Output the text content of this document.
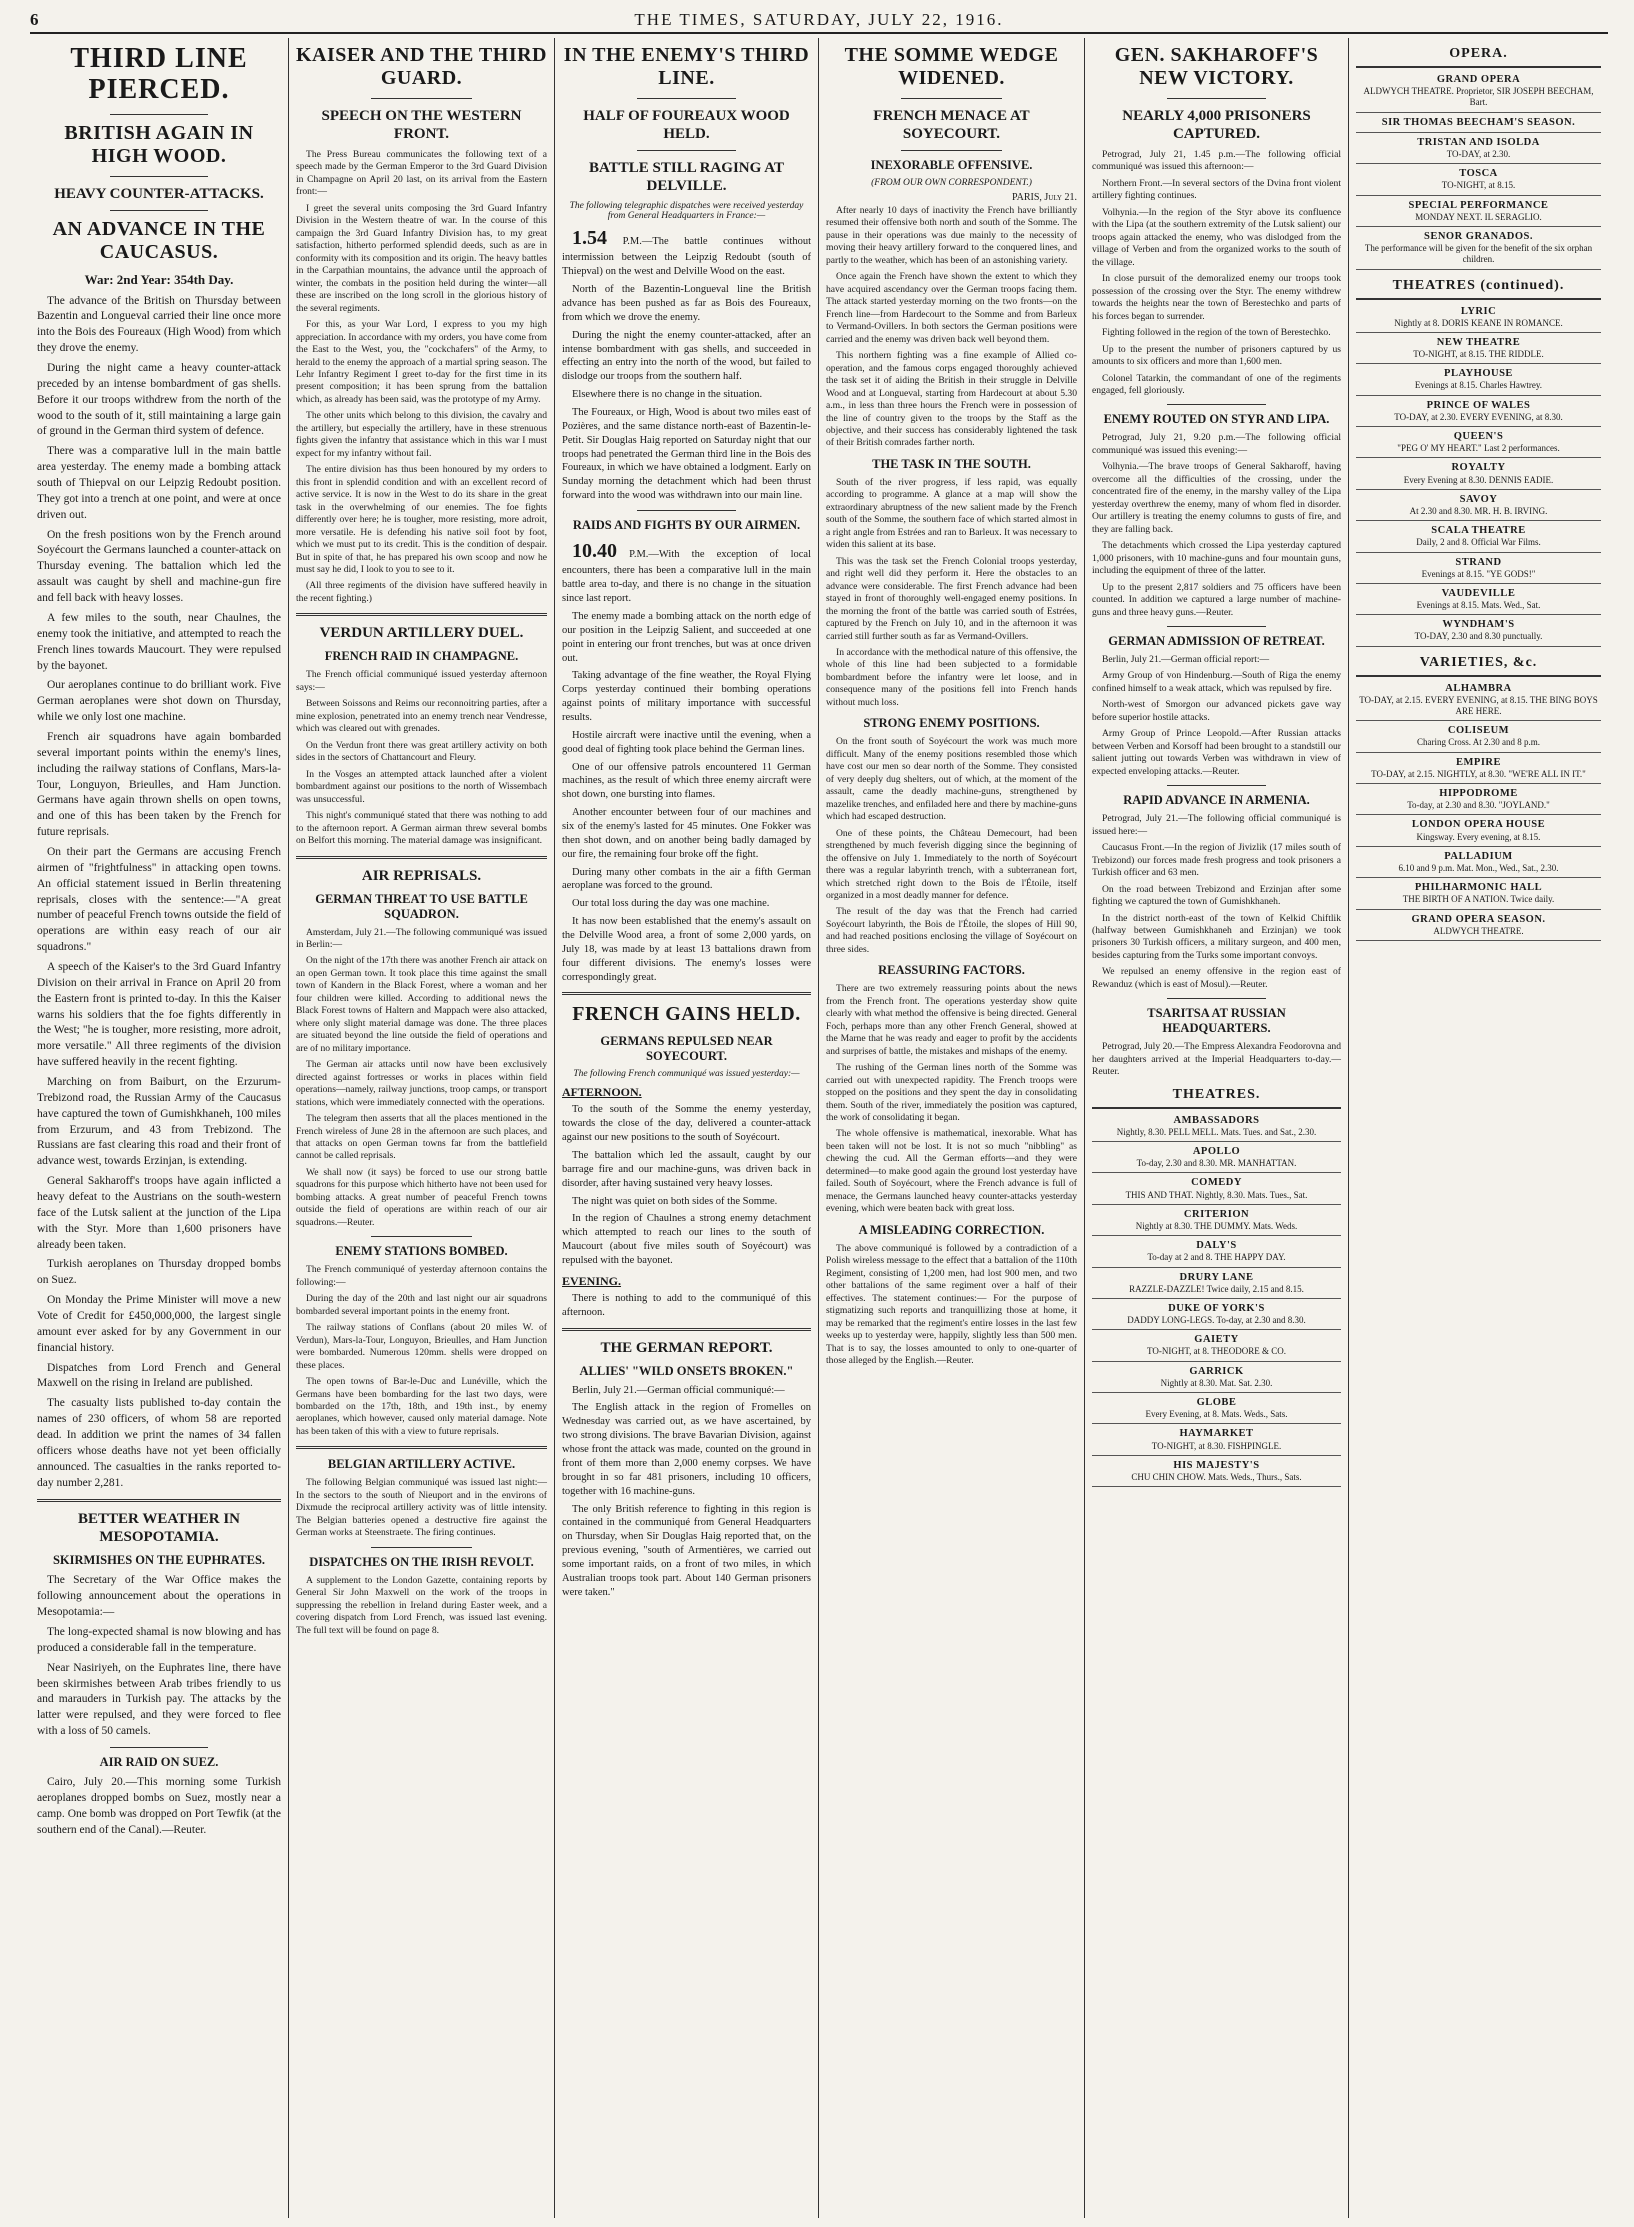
6	THE TIMES, SATURDAY, JULY 22, 1916.
THIRD LINE PIERCED.
BRITISH AGAIN IN HIGH WOOD.
HEAVY COUNTER-ATTACKS.
AN ADVANCE IN THE CAUCASUS.
War: 2nd Year: 354th Day.

The advance of the British on Thursday between Bazentin and Longueval carried their line once more into the Bois des Foureaux (High Wood) from which they drove the enemy.

During the night came a heavy counter-attack preceded by an intense bombardment of gas shells. Before it our troops withdrew from the north of the wood to the south of it, still maintaining a large gain of ground in the German third system of defence.

There was a comparative lull in the main battle area yesterday. The enemy made a bombing attack south of Thiepval on our Leipzig Redoubt position. They got into a trench at one point, and were at once driven out.

On the fresh positions won by the French around Soyécourt the Germans launched a counter-attack on Thursday evening. The battalion which led the assault was caught by shell and machine-gun fire and fell back with heavy losses.

A few miles to the south, near Chaulnes, the enemy took the initiative, and attempted to reach the French lines towards Maucourt. They were repulsed by the bayonet.

Our aeroplanes continue to do brilliant work. Five German aeroplanes were shot down on Thursday, while we only lost one machine.

French air squadrons have again bombarded several important points within the enemy's lines, including the railway stations of Conflans, Mars-la-Tour, Longuyon, Brieulles, and Ham Junction. Germans have again thrown shells on open towns, and one of this has been taken by the French for future reprisals.

On their part the Germans are accusing French airmen of "frightfulness" in attacking open towns. An official statement issued in Berlin threatening reprisals, closes with the sentence:—"A great number of peaceful French towns outside the field of operations are within easy reach of our air squadrons."

A speech of the Kaiser's to the 3rd Guard Infantry Division on their arrival in France on April 20 from the Eastern front is printed to-day. In this the Kaiser warns his soldiers that the foe fights differently in the West; "he is tougher, more resisting, more adroit, more versatile." All three regiments of the division have suffered heavily in the recent fighting.

Marching on from Baiburt, on the Erzurum-Trebizond road, the Russian Army of the Caucasus have captured the town of Gumishkhaneh, 100 miles from Erzurum, and 43 from Trebizond. The Russians are fast clearing this road and their front of advance west, towards Erzinjan, is extending.

General Sakharoff's troops have again inflicted a heavy defeat to the Austrians on the south-western face of the Lutsk salient at the junction of the Lipa with the Styr. More than 1,600 prisoners have already been taken.

Turkish aeroplanes on Thursday dropped bombs on Suez.

On Monday the Prime Minister will move a new Vote of Credit for £450,000,000, the largest single amount ever asked for by any Government in our financial history.

Dispatches from Lord French and General Maxwell on the rising in Ireland are published.

The casualty lists published to-day contain the names of 230 officers, of whom 58 are reported dead. In addition we print the names of 34 fallen officers whose deaths have not yet been officially announced. The casualties in the ranks reported to-day number 2,281.

BETTER WEATHER IN MESOPOTAMIA.
SKIRMISHES ON THE EUPHRATES.

The Secretary of the War Office makes the following announcement about the operations in Mesopotamia:—

The long-expected shamal is now blowing and has produced a considerable fall in the temperature.

Near Nasiriyeh, on the Euphrates line, there have been skirmishes between Arab tribes friendly to us and marauders in Turkish pay. The attacks by the latter were repulsed, and they were forced to flee with a loss of 50 camels.

AIR RAID ON SUEZ.

Cairo, July 20.—This morning some Turkish aeroplanes dropped bombs on Suez, mostly near a camp. One bomb was dropped on Port Tewfik (at the southern end of the Canal).—Reuter.

KAISER AND THE THIRD GUARD.
SPEECH ON THE WESTERN FRONT.

The Press Bureau communicates the following text of a speech made by the German Emperor to the 3rd Guard Division in Champagne on April 20 last, on its arrival from the Eastern front:—

I greet the several units composing the 3rd Guard Infantry Division in the Western theatre of war. In the course of this campaign the 3rd Guard Infantry Division has, to my great satisfaction, hitherto performed splendid deeds, such as are in conformity with its composition and its origin. The heavy battles in the Carpathian mountains, the advance until the approach of winter, the combats in the position held during the winter—all these are inscribed on the long scroll in the glorious history of the several regiments.

For this, as your War Lord, I express to you my high appreciation. In accordance with my orders, you have come from the East to the West, you, the "cockchafers" of the Army, to herald to the enemy the approach of a martial spring season. The Lehr Infantry Regiment I greet to-day for the first time in its present composition; it has been sprung from the battalion which, as already has been said, was the prototype of my Army.

The other units which belong to this division, the cavalry and the artillery, but especially the artillery, have in these strenuous fights given the infantry that assistance which in this war I must expect for my infantry without fail.

The entire division has thus been honoured by my orders to this front in splendid condition and with an excellent record of active service. It is now in the West to do its share in the great task in the overwhelming of our enemies. The foe fights differently over here; he is tougher, more resisting, more adroit, more versatile. He is defending his native soil foot by foot, which we must put to its credit. This is the condition of despair. But in spite of that, he has prepared his own scoop and now he must say he did, I look to you to see to it.

(All three regiments of the division have suffered heavily in the recent fighting.)

VERDUN ARTILLERY DUEL.
FRENCH RAID IN CHAMPAGNE.

The French official communiqué issued yesterday afternoon says:—

Between Soissons and Reims our reconnoitring parties, after a mine explosion, penetrated into an enemy trench near Vendresse, which was cleared out with grenades.

On the Verdun front there was great artillery activity on both sides in the sectors of Chattancourt and Fleury.

In the Vosges an attempted attack launched after a violent bombardment against our positions to the north of Wissembach was unsuccessful.

This night's communiqué stated that there was nothing to add to the afternoon report. A German airman threw several bombs on Belfort this morning. The material damage was insignificant.

AIR REPRISALS.
GERMAN THREAT TO USE BATTLE SQUADRON.

Amsterdam, July 21.—The following communiqué was issued in Berlin:—

On the night of the 17th there was another French air attack on an open German town. It took place this time against the small town of Kandern in the Black Forest, where a woman and her four children were killed. According to additional news the Black Forest towns of Haltern and Mappach were also attacked, where only slight material damage was done. The three places are situated beyond the line outside the field of operations and are of no military importance.

The German air attacks until now have been exclusively directed against fortresses or works in places within field operations—namely, railway junctions, troop camps, or transport stations, which were immediately connected with the operations.

The telegram then asserts that all the places mentioned in the French wireless of June 28 in the afternoon are such places, and that attacks on open German towns far from the battlefield cannot be called reprisals.

We shall now (it says) be forced to use our strong battle squadrons for this purpose which hitherto have not been used for bombing attacks. A great number of peaceful French towns outside the field of operations are within reach of our air squadrons.—Reuter.

ENEMY STATIONS BOMBED.

The French communiqué of yesterday afternoon contains the following:—

During the day of the 20th and last night our air squadrons bombarded several important points in the enemy front.

The railway stations of Conflans (about 20 miles W. of Verdun), Mars-la-Tour, Longuyon, Brieulles, and Ham Junction were bombarded. Numerous 120mm. shells were dropped on these places.

The open towns of Bar-le-Duc and Lunéville, which the Germans have been bombarding for the last two days, were bombarded on the 17th, 18th, and 19th inst., by enemy aeroplanes, which however, caused only material damage. Note has been taken of this with a view to future reprisals.

BELGIAN ARTILLERY ACTIVE.

The following Belgian communiqué was issued last night:— In the sectors to the south of Nieuport and in the environs of Dixmude the reciprocal artillery activity was of little intensity. The Belgian batteries opened a destructive fire against the German works at Steenstraete. The firing continues.

DISPATCHES ON THE IRISH REVOLT.

A supplement to the London Gazette, containing reports by General Sir John Maxwell on the work of the troops in suppressing the rebellion in Ireland during Easter week, and a covering dispatch from Lord French, was issued last evening. The full text will be found on page 8.

IN THE ENEMY'S THIRD LINE.
HALF OF FOUREAUX WOOD HELD.
BATTLE STILL RAGING AT DELVILLE.
The following telegraphic dispatches were received yesterday from General Headquarters in France:—

1.54 P.M.—The battle continues without intermission between the Leipzig Redoubt (south of Thiepval) on the west and Delville Wood on the east.

North of the Bazentin-Longueval line the British advance has been pushed as far as Bois des Foureaux, from which we drove the enemy.

During the night the enemy counter-attacked, after an intense bombardment with gas shells, and succeeded in effecting an entry into the north of the wood, but failed to dislodge our troops from the southern half.

Elsewhere there is no change in the situation.

The Foureaux, or High, Wood is about two miles east of Pozières, and the same distance north-east of Bazentin-le-Petit. Sir Douglas Haig reported on Saturday night that our troops had penetrated the German third line in the Bois des Foureaux, in which we have obtained a lodgment. Early on Sunday morning the detachment which had been thrust forward into the wood was withdrawn into our main line.

RAIDS AND FIGHTS BY OUR AIRMEN.

10.40 P.M.—With the exception of local encounters, there has been a comparative lull in the main battle area to-day, and there is no change in the situation since last report.

The enemy made a bombing attack on the north edge of our position in the Leipzig Salient, and succeeded at one point in entering our front trenches, but was at once driven out.

Taking advantage of the fine weather, the Royal Flying Corps yesterday continued their bombing operations against points of military importance with successful results.

Hostile aircraft were inactive until the evening, when a good deal of fighting took place behind the German lines.

One of our offensive patrols encountered 11 German machines, as the result of which three enemy aircraft were shot down, one bursting into flames.

Another encounter between four of our machines and six of the enemy's lasted for 45 minutes. One Fokker was then shot down, and on another being badly damaged by our fire, the remaining four broke off the fight.

During many other combats in the air a fifth German aeroplane was forced to the ground.

Our total loss during the day was one machine.

It has now been established that the enemy's assault on the Delville Wood area, a front of some 2,000 yards, on July 18, was made by at least 13 battalions drawn from four different divisions. The enemy's losses were correspondingly great.

FRENCH GAINS HELD.
GERMANS REPULSED NEAR SOYECOURT.
The following French communiqué was issued yesterday:—
AFTERNOON.

To the south of the Somme the enemy yesterday, towards the close of the day, delivered a counter-attack against our new positions to the south of Soyécourt.

The battalion which led the assault, caught by our barrage fire and our machine-guns, was driven back in disorder, after having sustained very heavy losses.

The night was quiet on both sides of the Somme.

In the region of Chaulnes a strong enemy detachment which attempted to reach our lines to the south of Maucourt (about five miles south of Soyécourt) was repulsed with the bayonet.

EVENING.

There is nothing to add to the communiqué of this afternoon.

THE GERMAN REPORT.
ALLIES' "WILD ONSETS BROKEN."

Berlin, July 21.—German official communiqué:—

The English attack in the region of Fromelles on Wednesday was carried out, as we have ascertained, by two strong divisions. The brave Bavarian Division, against whose front the attack was made, counted on the ground in front of them more than 2,000 enemy corpses. We have brought in so far 481 prisoners, including 10 officers, together with 16 machine-guns.

The only British reference to fighting in this region is contained in the communiqué from General Headquarters on Thursday, when Sir Douglas Haig reported that, on the previous evening, "south of Armentières, we carried out some important raids, on a front of two miles, in which Australian troops took part. About 140 German prisoners were taken."

THE SOMME WEDGE WIDENED.
FRENCH MENACE AT SOYECOURT.
INEXORABLE OFFENSIVE.
(FROM OUR OWN CORRESPONDENT.)
PARIS, July 21.

After nearly 10 days of inactivity the French have brilliantly resumed their offensive both north and south of the Somme. The pause in their operations was due mainly to the necessity of moving their heavy artillery forward to the conquered lines, and partly to the weather, which has been of an astonishing variety.

Once again the French have shown the extent to which they have acquired ascendancy over the German troops facing them. The attack started yesterday morning on the two fronts—on the French line—from Hardecourt to the Somme and from Barleux to Vermand-Ovillers. In both sectors the German positions were carried and the enemy was driven back well beyond them.

This northern fighting was a fine example of Allied co-operation, and the famous corps engaged thoroughly achieved the task set it of aiding the British in their struggle in Delville Wood and at Longueval, starting from Hardecourt at about 5.30 a.m., in less than three hours the French were in possession of the line of country given to the troops by the Staff as the objective, and their success has considerably lightened the task of their British comrades farther north.

THE TASK IN THE SOUTH.

South of the river progress, if less rapid, was equally according to programme. A glance at a map will show the extraordinary abruptness of the new salient made by the French south of the Somme, the southern face of which started almost in a right angle from Estrées and ran to Barleux. It was necessary to widen this salient at its base.

This was the task set the French Colonial troops yesterday, and right well did they perform it. Here the obstacles to an advance were considerable. The first French advance had been stayed in front of thoroughly well-engaged enemy positions. In the morning the front of the battle was carried south of Estrées, captured by the French on July 10, and in the afternoon it was carried still further south as far as Vermand-Ovillers.

In accordance with the methodical nature of this offensive, the whole of this line had been subjected to a formidable bombardment before the infantry were let loose, and in consequence many of the positions fell into French hands without much loss.

STRONG ENEMY POSITIONS.

On the front south of Soyécourt the work was much more difficult. Many of the enemy positions resembled those which have cost our men so dear north of the Somme. They consisted of very deeply dug shelters, out of which, at the moment of the assault, came the deadly machine-guns, strengthened by mazelike trenches, and enfiladed here and there by machine-guns which had escaped destruction.

One of these points, the Château Demecourt, had been strengthened by much feverish digging since the beginning of the offensive on July 1. Immediately to the north of Soyécourt there was a regular labyrinth trench, with a subterranean fort, which stretched right down to the Bois de l'Étoile, itself organized in a most deadly manner for defence.

The result of the day was that the French had carried Soyécourt labyrinth, the Bois de l'Étoile, the slopes of Hill 90, and had reached positions enclosing the village of Soyécourt on three sides.

REASSURING FACTORS.

There are two extremely reassuring points about the news from the French front. The operations yesterday show quite clearly with what method the offensive is being directed. General Foch, perhaps more than any other French General, showed at the Marne that he was ready and eager to profit by the accidents and surprises of battle, the mistakes and mishaps of the enemy.

The rushing of the German lines north of the Somme was carried out with unexpected rapidity. The French troops were stopped on the positions and they spent the day in consolidating them. South of the river, immediately the position was captured, the work of consolidating it began.

The whole offensive is mathematical, inexorable. What has been taken will not be lost. It is not so much "nibbling" as chewing the cud. All the German efforts—and they were determined—to make good again the ground lost yesterday have failed. South of Soyécourt, where the French advance is full of menace, the Germans launched heavy counter-attacks yesterday evening, which were beaten back with great loss.

A MISLEADING CORRECTION.

The above communiqué is followed by a contradiction of a Polish wireless message to the effect that a battalion of the 110th Regiment, consisting of 1,200 men, had lost 900 men, and two other battalions of the same regiment over a half of their effectives. The statement continues:— For the purpose of stigmatizing such reports and tranquillizing those at home, it may be remarked that the regiment's entire losses in the last few weeks up to yesterday were, happily, slightly less than 500 men. That is to say, the losses amounted to only to one-quarter of those alleged by the English.—Reuter.

GEN. SAKHAROFF'S NEW VICTORY.
NEARLY 4,000 PRISONERS CAPTURED.

Petrograd, July 21, 1.45 p.m.—The following official communiqué was issued this afternoon:—

Northern Front.—In several sectors of the Dvina front violent artillery fighting continues.

Volhynia.—In the region of the Styr above its confluence with the Lipa (at the southern extremity of the Lutsk salient) our troops again attacked the enemy, who was dislodged from the village of Verben and from the organized works to the south of the village.

In close pursuit of the demoralized enemy our troops took possession of the crossing over the Styr. The enemy withdrew towards the heights near the town of Berestechko and parts of his forces began to surrender.

Fighting followed in the region of the town of Berestechko.

Up to the present the number of prisoners captured by us amounts to six officers and more than 1,600 men.

Colonel Tatarkin, the commandant of one of the regiments engaged, fell gloriously.

ENEMY ROUTED ON STYR AND LIPA.

Petrograd, July 21, 9.20 p.m.—The following official communiqué was issued this evening:—

Volhynia.—The brave troops of General Sakharoff, having overcome all the difficulties of the crossing, under the concentrated fire of the enemy, in the marshy valley of the Lipa yesterday overthrew the enemy, many of whom fled in disorder. Our artillery is treating the enemy columns to gusts of fire, and they are falling back.

The detachments which crossed the Lipa yesterday captured 1,000 prisoners, with 10 machine-guns and four mountain guns, including the equipment of three of the latter.

Up to the present 2,817 soldiers and 75 officers have been counted. In addition we captured a large number of machine-guns and three heavy guns.—Reuter.

GERMAN ADMISSION OF RETREAT.

Berlin, July 21.—German official report:—

Army Group of von Hindenburg.—South of Riga the enemy confined himself to a weak attack, which was repulsed by fire.

North-west of Smorgon our advanced pickets gave way before superior hostile attacks.

Army Group of Prince Leopold.—After Russian attacks between Verben and Korsoff had been brought to a standstill our salient jutting out towards Verben was withdrawn in view of expected enveloping attacks.—Reuter.

RAPID ADVANCE IN ARMENIA.

Petrograd, July 21.—The following official communiqué is issued here:—

Caucasus Front.—In the region of Jivizlik (17 miles south of Trebizond) our forces made fresh progress and took prisoners a Turkish officer and 63 men.

On the road between Trebizond and Erzinjan after some fighting we captured the town of Gumishkhaneh.

In the district north-east of the town of Kelkid Chiftlik (halfway between Gumishkhaneh and Erzinjan) we took prisoners 30 Turkish officers, a military surgeon, and 400 men, besides capturing from the Turks some important convoys.

We repulsed an enemy offensive in the region east of Rewanduz (which is east of Mosul).—Reuter.

TSARITSA AT RUSSIAN HEADQUARTERS.

Petrograd, July 20.—The Empress Alexandra Feodorovna and her daughters arrived at the Imperial Headquarters to-day.—Reuter.

THEATRES.
AMBASSADORS
Nightly, 8.30. PELL MELL. Mats. Tues. and Sat., 2.30.
APOLLO
To-day, 2.30 and 8.30. MR. MANHATTAN.
COMEDY
THIS AND THAT. Nightly, 8.30. Mats. Tues., Sat.
CRITERION
Nightly at 8.30. THE DUMMY. Mats. Weds.
DALY'S
To-day at 2 and 8. THE HAPPY DAY.
DRURY LANE
RAZZLE-DAZZLE! Twice daily, 2.15 and 8.15.
DUKE OF YORK'S
DADDY LONG-LEGS. To-day, at 2.30 and 8.30.
GAIETY
TO-NIGHT, at 8. THEODORE & CO.
GARRICK
Nightly at 8.30. Mat. Sat. 2.30.
GLOBE
Every Evening, at 8. Mats. Weds., Sats.
HAYMARKET
TO-NIGHT, at 8.30. FISHPINGLE.
HIS MAJESTY'S
CHU CHIN CHOW. Mats. Weds., Thurs., Sats.
OPERA.
GRAND OPERA
ALDWYCH THEATRE. Proprietor, SIR JOSEPH BEECHAM, Bart.
SIR THOMAS BEECHAM'S SEASON.
TRISTAN AND ISOLDA
TO-DAY, at 2.30.
TOSCA
TO-NIGHT, at 8.15.
SPECIAL PERFORMANCE
MONDAY NEXT. IL SERAGLIO.
SENOR GRANADOS.
The performance will be given for the benefit of the six orphan children.
THEATRES (continued).
LYRIC
Nightly at 8. DORIS KEANE IN ROMANCE.
NEW THEATRE
TO-NIGHT, at 8.15. THE RIDDLE.
PLAYHOUSE
Evenings at 8.15. Charles Hawtrey.
PRINCE OF WALES
TO-DAY, at 2.30. EVERY EVENING, at 8.30.
QUEEN'S
"PEG O' MY HEART." Last 2 performances.
ROYALTY
Every Evening at 8.30. DENNIS EADIE.
SAVOY
At 2.30 and 8.30. MR. H. B. IRVING.
SCALA THEATRE
Daily, 2 and 8. Official War Films.
STRAND
Evenings at 8.15. "YE GODS!"
VAUDEVILLE
Evenings at 8.15. Mats. Wed., Sat.
WYNDHAM'S
TO-DAY, 2.30 and 8.30 punctually.
VARIETIES, &c.
ALHAMBRA
TO-DAY, at 2.15. EVERY EVENING, at 8.15. THE BING BOYS ARE HERE.
COLISEUM
Charing Cross. At 2.30 and 8 p.m.
EMPIRE
TO-DAY, at 2.15. NIGHTLY, at 8.30. "WE'RE ALL IN IT."
HIPPODROME
To-day, at 2.30 and 8.30. "JOYLAND."
LONDON OPERA HOUSE
Kingsway. Every evening, at 8.15.
PALLADIUM
6.10 and 9 p.m. Mat. Mon., Wed., Sat., 2.30.
PHILHARMONIC HALL
THE BIRTH OF A NATION. Twice daily.
GRAND OPERA SEASON.
ALDWYCH THEATRE.
